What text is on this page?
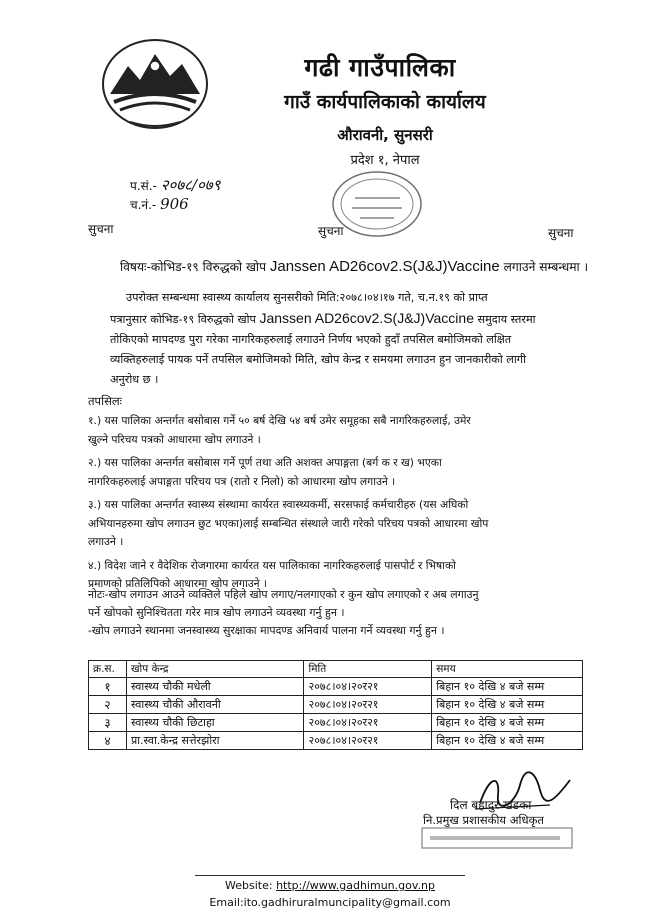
गढी गाउँपालिका
गाउँ कार्यपालिकाको कार्यालय
औरावनी, सुनसरी
प्रदेश १, नेपाल
प.सं.- २०७८/०७९
च.नं.- 906
सुचना	सुचना	सुचना
विषयः-कोभिड-१९ विरुद्धको खोप Janssen AD26cov2.S(J&J)Vaccine लगाउने सम्बन्धमा ।
उपरोक्त सम्बन्धमा स्वास्थ्य कार्यालय सुनसरीको मिति:२०७८।०४।१७ गते, च.न.१९ को प्राप्त
पत्रानुसार कोभिड-१९ विरुद्धको खोप Janssen AD26cov2.S(J&J)Vaccine समुदाय स्तरमा
तोकिएको मापदण्ड पुरा गरेका नागरिकहरुलाई लगाउने निर्णय भएको हुदाँ तपसिल बमोजिमको लक्षित
व्यक्तिहरुलाई पायक पर्ने तपसिल बमोजिमको मिति, खोप केन्द्र र समयमा लगाउन हुन जानकारीको लागी
अनुरोध छ ।
तपसिलः

१.) यस पालिका अन्तर्गत बसोबास गर्ने ५० बर्ष देखि ५४ बर्ष उमेर समूहका सबै नागरिकहरुलाई, उमेर
खुल्ने परिचय पत्रको आधारमा खोप लगाउने ।

२.) यस पालिका अन्तर्गत बसोबास गर्ने पूर्ण तथा अति अशक्त अपाङ्गता (बर्ग क र ख) भएका
नागरिकहरुलाई अपाङ्गता परिचय पत्र (रातो र निलो) को आधारमा खोप लगाउने ।

३.) यस पालिका अन्तर्गत स्वास्थ्य संस्थामा कार्यरत स्वास्थ्यकर्मी, सरसफाई कर्मचारीहरु (यस अघिको
अभियानहरुमा खोप लगाउन छुट भएका)लाई सम्बन्धित संस्थाले जारी गरेको परिचय पत्रको आधारमा खोप
लगाउने ।

४.) विदेश जाने र वैदेशिक रोजगारमा कार्यरत यस पालिकाका नागरिकहरुलाई पासपोर्ट र भिषाको
प्रमाणको प्रतिलिपिको आधारमा खोप लगाउने ।

नोटः-खोप लगाउन आउने व्यक्तिले पहिले खोप लगाए/नलगाएको र कुन खोप लगाएको र अब लगाउनु

पर्ने खोपको सुनिश्चितता गरेर मात्र खोप लगाउने व्यवस्था गर्नु हुन ।

-खोप लगाउने स्थानमा जनस्वास्थ्य सुरक्षाका मापदण्ड अनिवार्य पालना गर्ने व्यवस्था गर्नु हुन ।

क्र.स.	खोप केन्द्र	मिति	समय
१	स्वास्थ्य चौकी मधेली	२०७८।०४।२०र२१	बिहान १० देखि ४ बजे सम्म
२	स्वास्थ्य चौकी औरावनी	२०७८।०४।२०र२१	बिहान १० देखि ४ बजे सम्म
३	स्वास्थ्य चौकी छिटाहा	२०७८।०४।२०र२१	बिहान १० देखि ४ बजे सम्म
४	प्रा.स्वा.केन्द्र सत्तेरझोरा	२०७८।०४।२०र२१	बिहान १० देखि ४ बजे सम्म
दिल बहादुर खडका
नि.प्रमुख प्रशासकीय अधिकृत
Website: http://www.gadhimun.gov.np
Email:ito.gadhiruralmuncipality@gmail.com
